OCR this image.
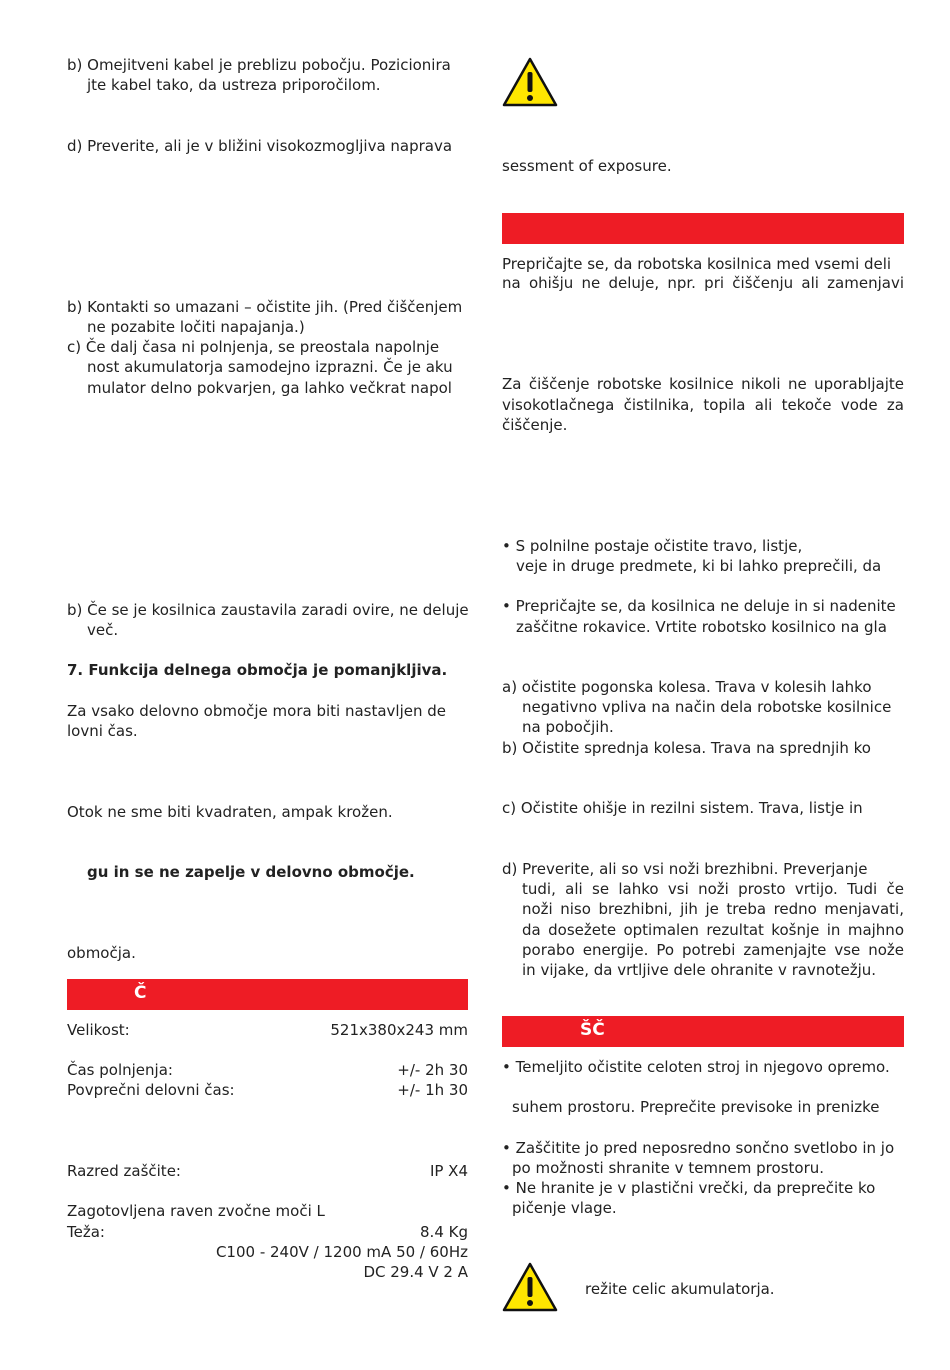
b) Omejitveni kabel je preblizu pobočju. Pozicionira
jte kabel tako, da ustreza priporočilom.
d) Preverite, ali je v bližini visokozmogljiva naprava
b) Kontakti so umazani – očistite jih. (Pred čiščenjem
ne pozabite ločiti napajanja.)
c) Če dalj časa ni polnjenja, se preostala napolnje
nost akumulatorja samodejno izprazni. Če je aku
mulator delno pokvarjen, ga lahko večkrat napol
b) Če se je kosilnica zaustavila zaradi ovire, ne deluje
več.
7. Funkcija delnega območja je pomanjkljiva.
Za vsako delovno območje mora biti nastavljen de
lovni čas.
Otok ne sme biti kvadraten, ampak krožen.
gu in se ne zapelje v delovno območje.
območja.
Č
Velikost:	521x380x243 mm
Čas polnjenja:	+/- 2h 30
Povprečni delovni čas:	+/- 1h 30
Razred zaščite:	IP X4
Zagotovljena raven zvočne moči L
Teža:	8.4 Kg
C100 - 240V / 1200 mA 50 / 60Hz
DC 29.4 V 2 A
sessment of exposure.
Prepričajte se, da robotska kosilnica med vsemi deli
na ohišju ne deluje, npr. pri čiščenju ali zamenjavi
Za čiščenje robotske kosilnice nikoli ne uporabljajte
visokotlačnega čistilnika, topila ali tekoče vode za
čiščenje.
• S polnilne postaje očistite travo, listje,
veje in druge predmete, ki bi lahko preprečili, da
• Prepričajte se, da kosilnica ne deluje in si nadenite
zaščitne rokavice. Vrtite robotsko kosilnico na gla
a) očistite pogonska kolesa. Trava v kolesih lahko
negativno vpliva na način dela robotske kosilnice
na pobočjih.
b) Očistite sprednja kolesa. Trava na sprednjih ko
c) Očistite ohišje in rezilni sistem. Trava, listje in
d) Preverite, ali so vsi noži brezhibni. Preverjanje
tudi, ali se lahko vsi noži prosto vrtijo. Tudi če
noži niso brezhibni, jih je treba redno menjavati,
da dosežete optimalen rezultat košnje in majhno
porabo energije. Po potrebi zamenjajte vse nože
in vijake, da vrtljive dele ohranite v ravnotežju.
ŠČ
• Temeljito očistite celoten stroj in njegovo opremo.
suhem prostoru. Preprečite previsoke in prenizke
• Zaščitite jo pred neposredno sončno svetlobo in jo
po možnosti shranite v temnem prostoru.
• Ne hranite je v plastični vrečki, da preprečite ko
pičenje vlage.
režite celic akumulatorja.
